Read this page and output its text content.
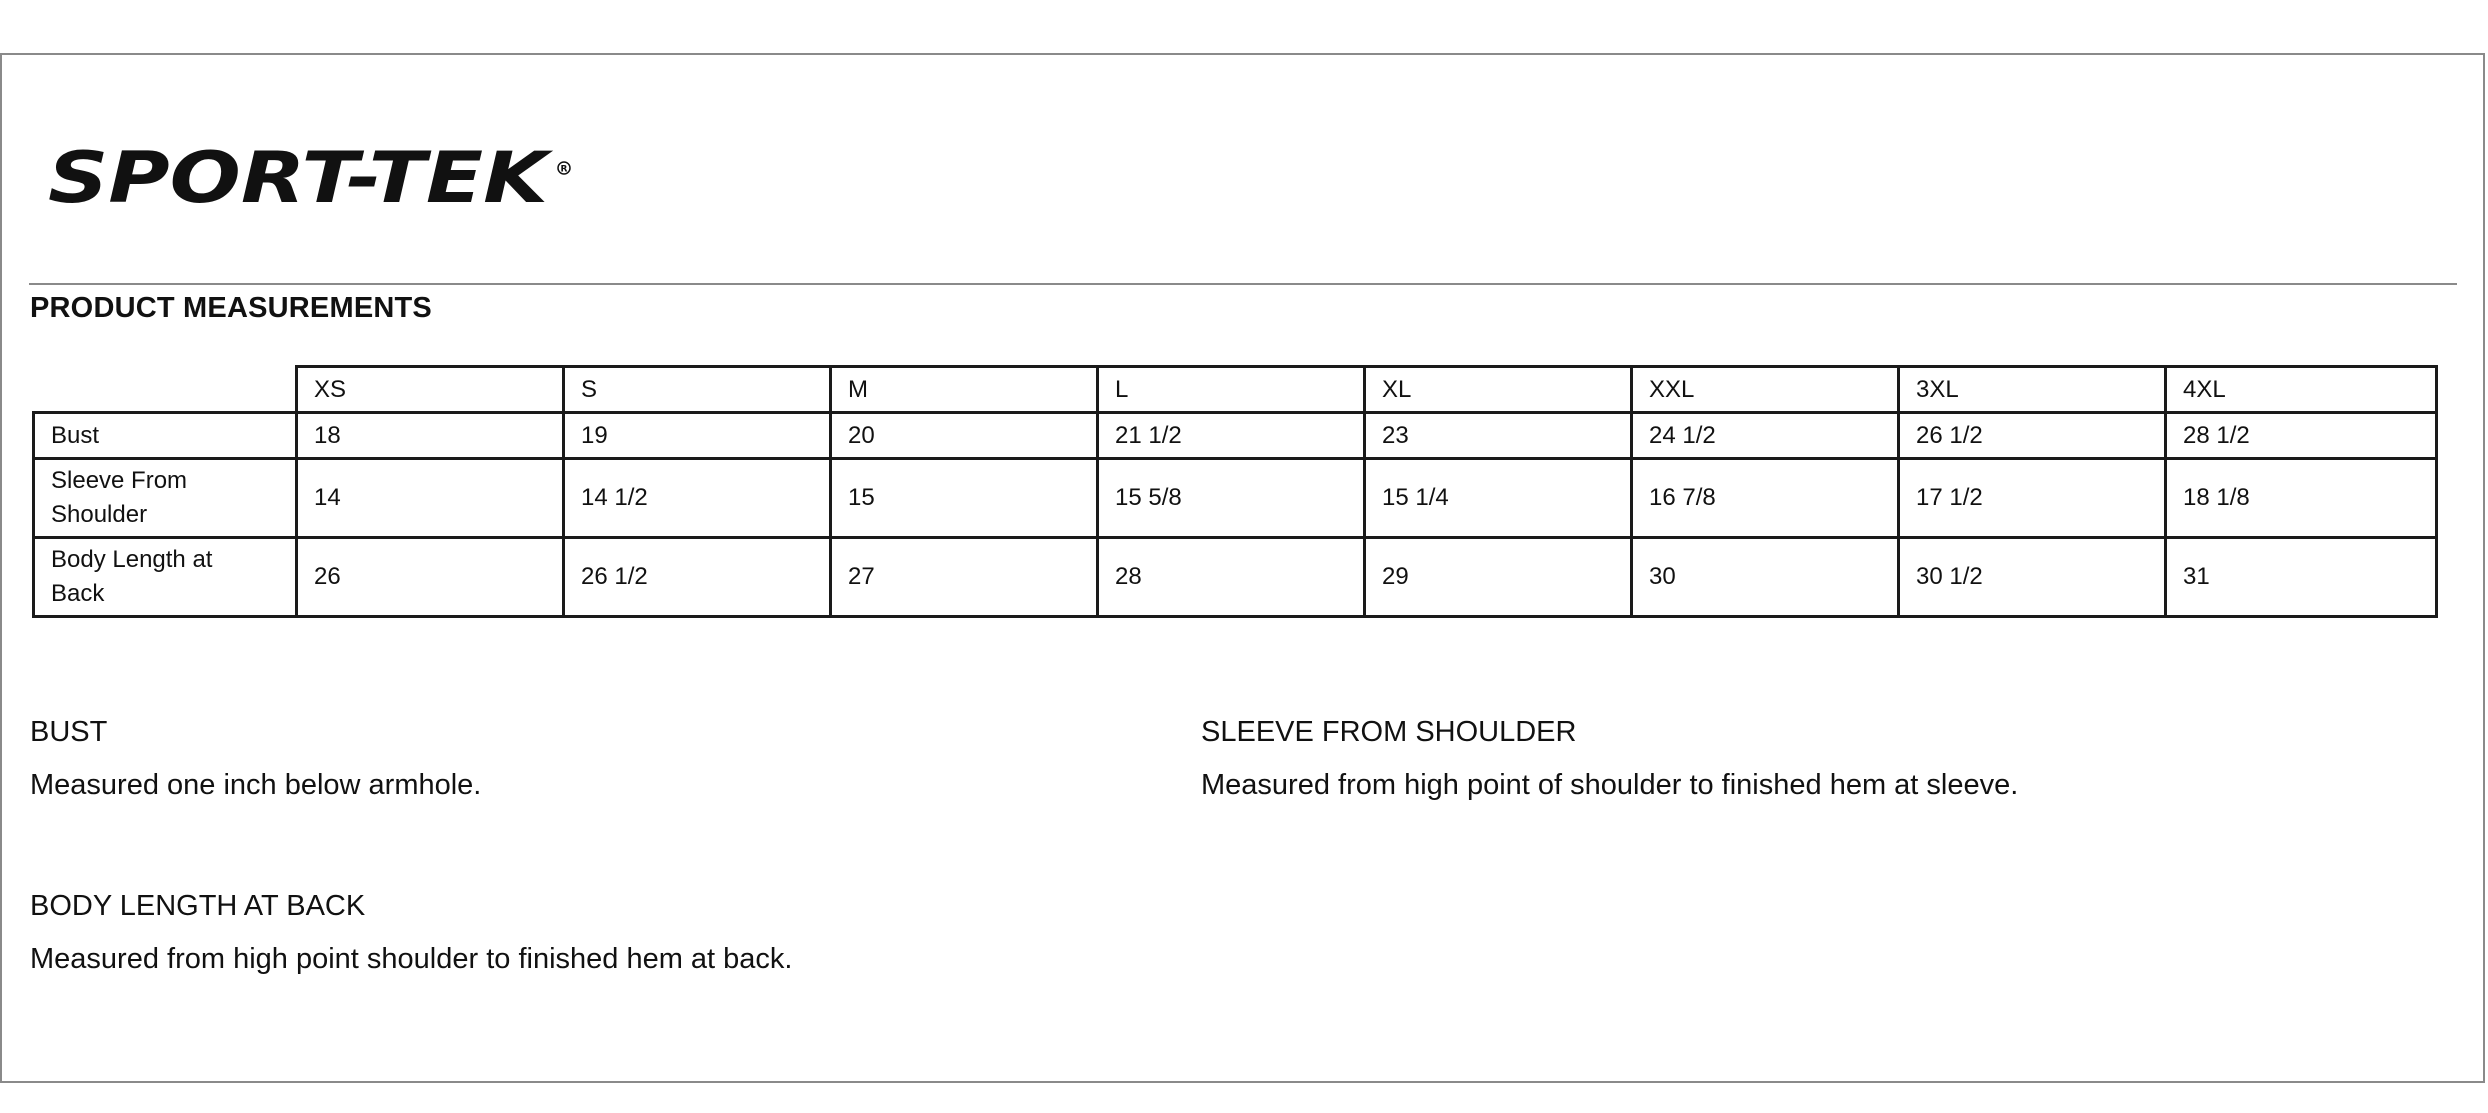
SPORT-TEK R
PRODUCT MEASUREMENTS
	XS	S	M	L	XL	XXL	3XL	4XL
Bust	18	19	20	21 1/2	23	24 1/2	26 1/2	28 1/2
Sleeve From Shoulder	14	14 1/2	15	15 5/8	15 1/4	16 7/8	17 1/2	18 1/8
Body Length at Back	26	26 1/2	27	28	29	30	30 1/2	31
BUST
Measured one inch below armhole.
SLEEVE FROM SHOULDER
Measured from high point of shoulder to finished hem at sleeve.
BODY LENGTH AT BACK
Measured from high point shoulder to finished hem at back.
